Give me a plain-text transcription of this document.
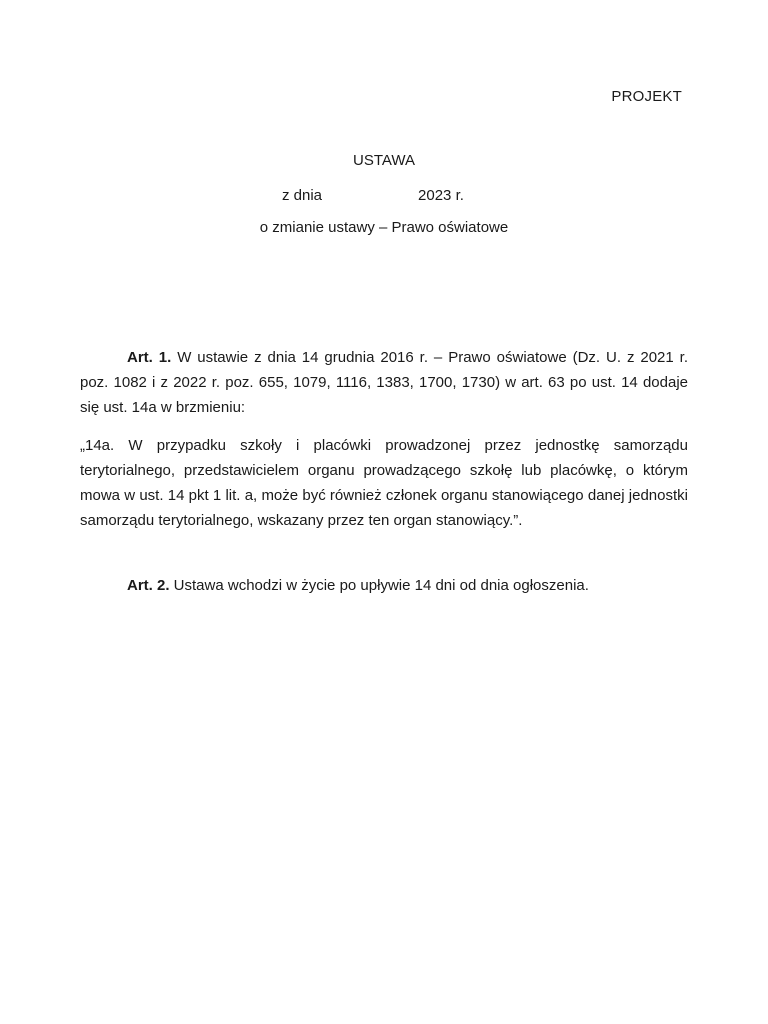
PROJEKT
USTAWA
z dnia	2023 r.
o zmianie ustawy – Prawo oświatowe
Art. 1. W ustawie z dnia 14 grudnia 2016 r. – Prawo oświatowe (Dz. U. z 2021 r. poz. 1082 i z 2022 r. poz. 655, 1079, 1116, 1383, 1700, 1730) w art. 63 po ust. 14 dodaje się ust. 14a w brzmieniu:
„14a. W przypadku szkoły i placówki prowadzonej przez jednostkę samorządu terytorialnego, przedstawicielem organu prowadzącego szkołę lub placówkę, o którym mowa w ust. 14 pkt 1 lit. a, może być również członek organu stanowiącego danej jednostki samorządu terytorialnego, wskazany przez ten organ stanowiący.”.
Art. 2. Ustawa wchodzi w życie po upływie 14 dni od dnia ogłoszenia.
